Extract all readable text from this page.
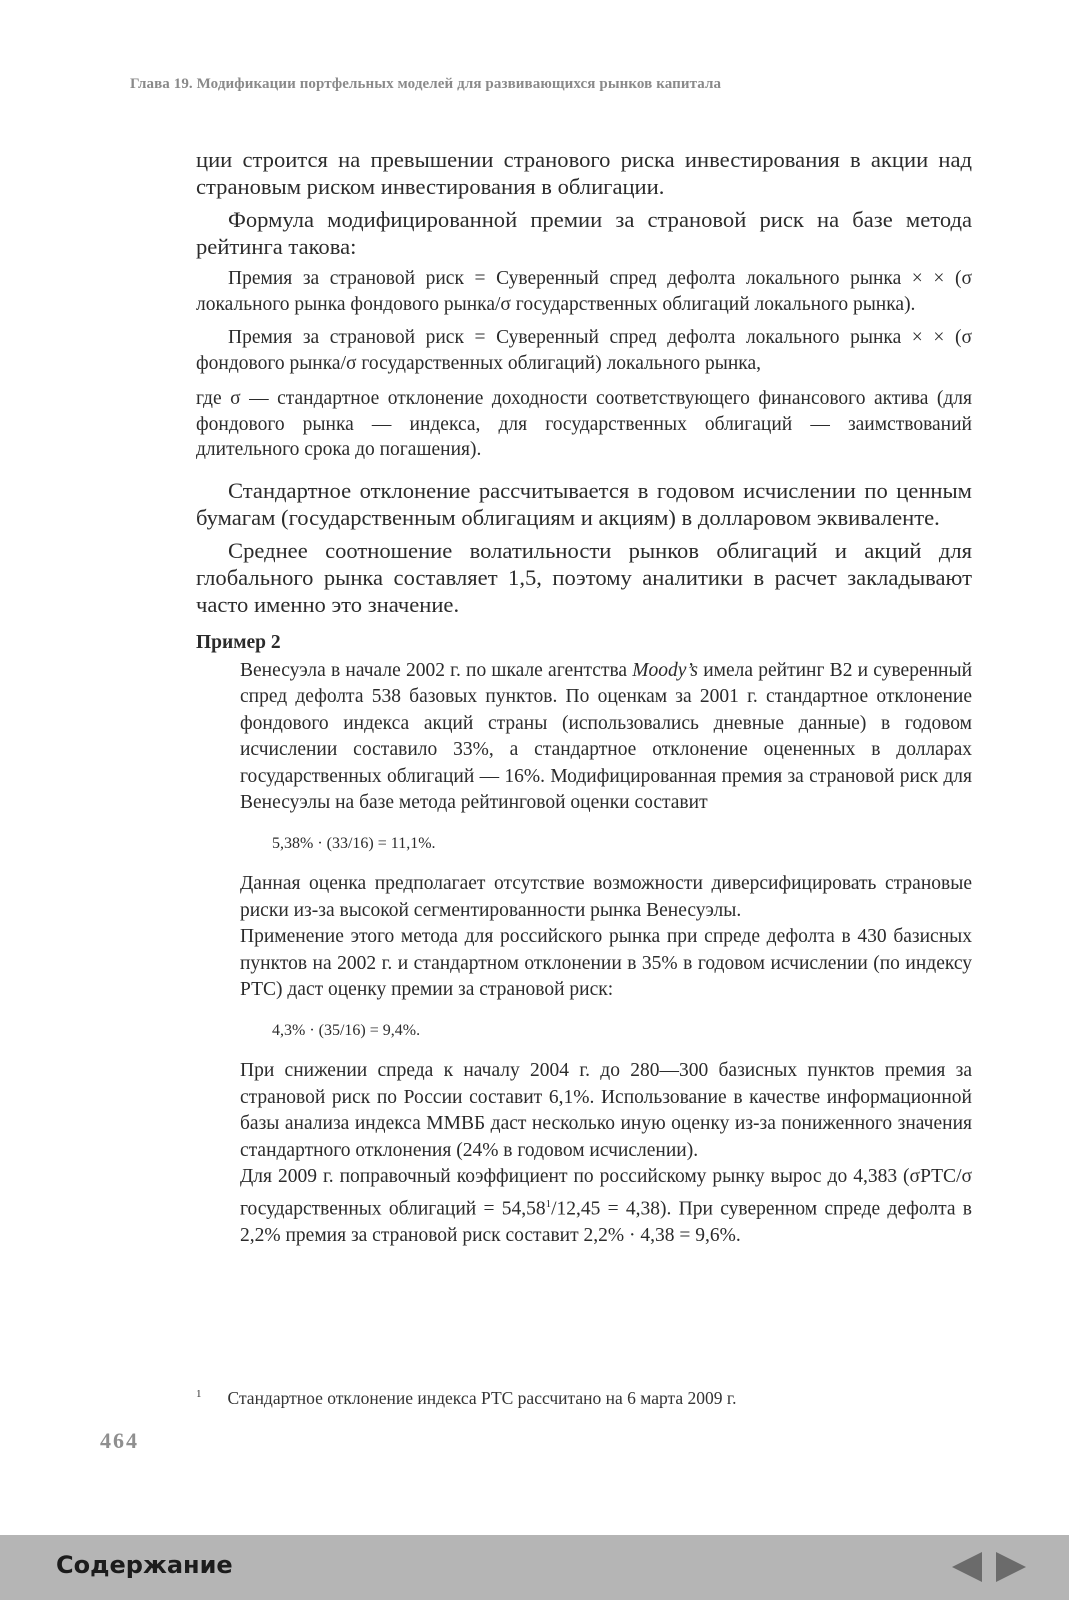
Глава 19. Модификации портфельных моделей для развивающихся рынков капитала

ции строится на превышении странового риска инвестирования в акции над страновым риском инвестирования в облигации.

Формула модифицированной премии за страновой риск на базе метода рейтинга такова:

Премия за страновой риск = Суверенный спред дефолта локального рынка × × (σ локального рынка фондового рынка/σ государственных облигаций локального рынка).

Премия за страновой риск = Суверенный спред дефолта локального рынка × × (σ фондового рынка/σ государственных облигаций) локального рынка,

где σ — стандартное отклонение доходности соответствующего финансового актива (для фондового рынка — индекса, для государственных облигаций — заимствований длительного срока до погашения).

Стандартное отклонение рассчитывается в годовом исчислении по ценным бумагам (государственным облигациям и акциям) в долларовом эквиваленте.

Среднее соотношение волатильности рынков облигаций и акций для глобального рынка составляет 1,5, поэтому аналитики в расчет закладывают часто именно это значение.

Пример 2

Венесуэла в начале 2002 г. по шкале агентства Moody’s имела рейтинг B2 и суверенный спред дефолта 538 базовых пунктов. По оценкам за 2001 г. стандартное отклонение фондового индекса акций страны (использовались дневные данные) в годовом исчислении составило 33%, а стандартное отклонение оцененных в долларах государственных облигаций — 16%. Модифицированная премия за страновой риск для Венесуэлы на базе метода рейтинговой оценки составит

5,38% · (33/16) = 11,1%.

Данная оценка предполагает отсутствие возможности диверсифицировать страновые риски из-за высокой сегментированности рынка Венесуэлы.

Применение этого метода для российского рынка при спреде дефолта в 430 базисных пунктов на 2002 г. и стандартном отклонении в 35% в годовом исчислении (по индексу РТС) даст оценку премии за страновой риск:

4,3% · (35/16) = 9,4%.

При снижении спреда к началу 2004 г. до 280—300 базисных пунктов премия за страновой риск по России составит 6,1%. Использование в качестве информационной базы анализа индекса ММВБ даст несколько иную оценку из-за пониженного значения стандартного отклонения (24% в годовом исчислении).

Для 2009 г. поправочный коэффициент по российскому рынку вырос до 4,383 (σРТС/σ государственных облигаций = $54,58^1/12,45 = 4,38$). При суверенном спреде дефолта в 2,2% премия за страновой риск составит 2,2% · 4,38 = 9,6%.

$^1$ Стандартное отклонение индекса РТС рассчитано на 6 марта 2009 г.
464
Содержание
